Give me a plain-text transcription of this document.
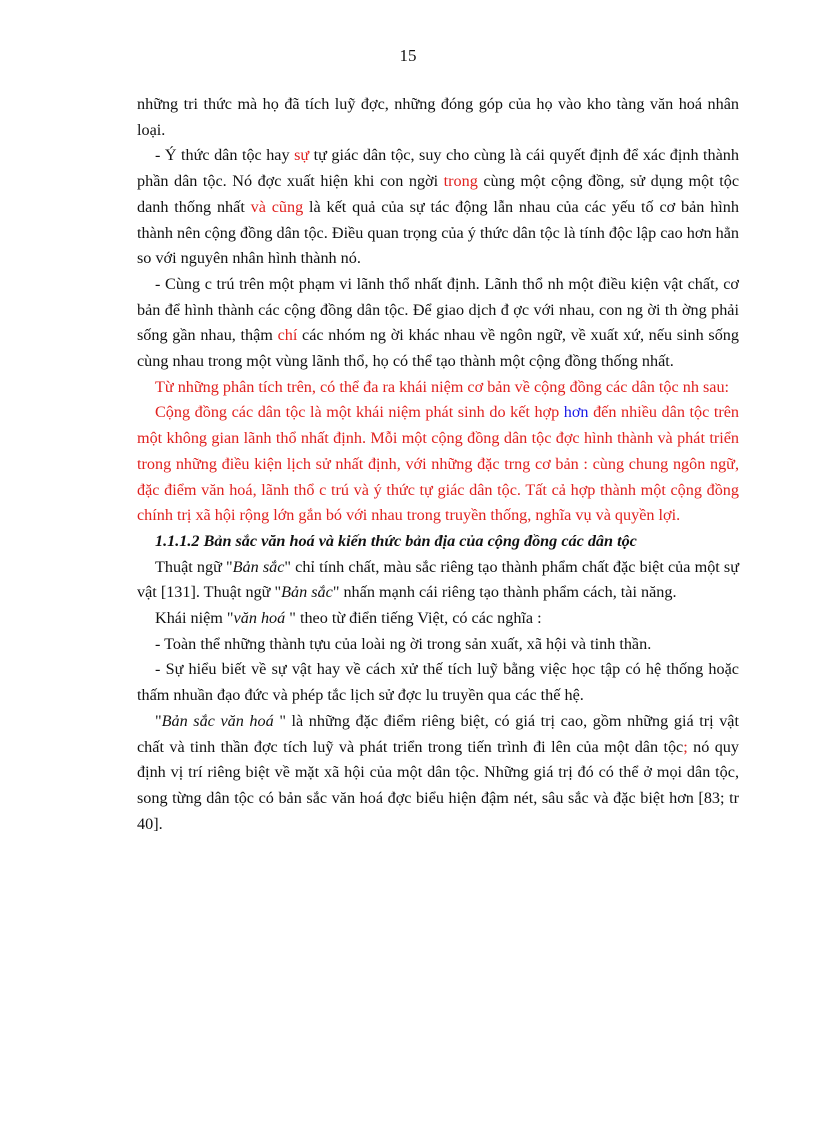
15

những tri thức mà họ đã tích luỹ đợc, những đóng góp của họ vào kho tàng văn hoá nhân loại.

- Ý thức dân tộc hay sự tự giác dân tộc, suy cho cùng là cái quyết định để xác định thành phần dân tộc. Nó đợc xuất hiện khi con ngời trong cùng một cộng đồng, sử dụng một tộc danh thống nhất và cũng là kết quả của sự tác động lẫn nhau của các yếu tố cơ bản hình thành nên cộng đồng dân tộc. Điều quan trọng của ý thức dân tộc là tính độc lập cao hơn hẳn so với nguyên nhân hình thành nó.

- Cùng c trú trên một phạm vi lãnh thổ nhất định. Lãnh thổ nh một điều kiện vật chất, cơ bản để hình thành các cộng đồng dân tộc. Để giao dịch đ ợc với nhau, con ng ời th ờng phải sống gần nhau, thậm chí các nhóm ng ời khác nhau về ngôn ngữ, về xuất xứ, nếu sinh sống cùng nhau trong một vùng lãnh thổ, họ có thể tạo thành một cộng đồng thống nhất.

Từ những phân tích trên, có thể đa ra khái niệm cơ bản về cộng đồng các dân tộc nh sau:

Cộng đồng các dân tộc là một khái niệm phát sinh do kết hợp hơn đến nhiều dân tộc trên một không gian lãnh thổ nhất định. Mỗi một cộng đồng dân tộc đợc hình thành và phát triển trong những điều kiện lịch sử nhất định, với những đặc trng cơ bản : cùng chung ngôn ngữ, đặc điểm văn hoá, lãnh thổ c trú và ý thức tự giác dân tộc. Tất cả hợp thành một cộng đồng chính trị xã hội rộng lớn gắn bó với nhau trong truyền thống, nghĩa vụ và quyền lợi.

1.1.1.2 Bản sắc văn hoá và kiến thức bản địa của cộng đồng các dân tộc

Thuật ngữ "Bản sắc" chỉ tính chất, màu sắc riêng tạo thành phẩm chất đặc biệt của một sự vật [131]. Thuật ngữ "Bản sắc" nhấn mạnh cái riêng tạo thành phẩm cách, tài năng.

Khái niệm "văn hoá " theo từ điển tiếng Việt, có các nghĩa :

- Toàn thể những thành tựu của loài ng ời trong sản xuất, xã hội và tinh thần.

- Sự hiểu biết về sự vật hay về cách xử thế tích luỹ bằng việc học tập có hệ thống hoặc thấm nhuần đạo đức và phép tắc lịch sử đợc lu truyền qua các thế hệ.

"Bản sắc văn hoá " là những đặc điểm riêng biệt, có giá trị cao, gồm những giá trị vật chất và tinh thần đợc tích luỹ và phát triển trong tiến trình đi lên của một dân tộc; nó quy định vị trí riêng biệt về mặt xã hội của một dân tộc. Những giá trị đó có thể ở mọi dân tộc, song từng dân tộc có bản sắc văn hoá đợc biểu hiện đậm nét, sâu sắc và đặc biệt hơn [83; tr 40].
